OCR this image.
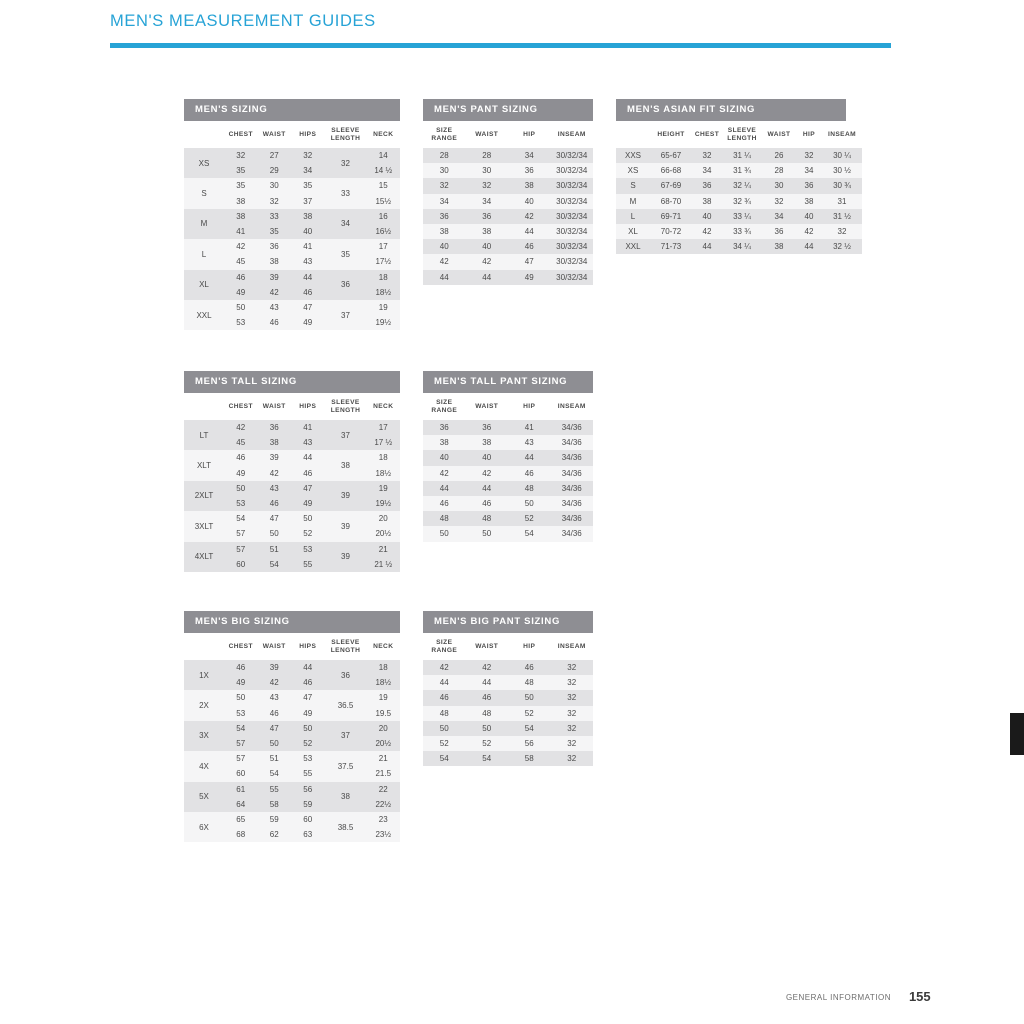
MEN'S MEASUREMENT GUIDES
MEN'S SIZING
	CHEST	WAIST	HIPS	SLEEVE LENGTH	NECK
XS	32	27	32	32	14
	35	29	34		14 ½
S	35	30	35	33	15
	38	32	37		15½
M	38	33	38	34	16
	41	35	40		16½
L	42	36	41	35	17
	45	38	43		17½
XL	46	39	44	36	18
	49	42	46		18½
XXL	50	43	47	37	19
	53	46	49		19½
MEN'S PANT SIZING
SIZE RANGE	WAIST	HIP	INSEAM
28	28	34	30/32/34
30	30	36	30/32/34
32	32	38	30/32/34
34	34	40	30/32/34
36	36	42	30/32/34
38	38	44	30/32/34
40	40	46	30/32/34
42	42	47	30/32/34
44	44	49	30/32/34
MEN'S ASIAN FIT SIZING
	HEIGHT	CHEST	SLEEVE LENGTH	WAIST	HIP	INSEAM
XXS	65-67	32	31 ¼	26	32	30 ¼
XS	66-68	34	31 ¾	28	34	30 ½
S	67-69	36	32 ¼	30	36	30 ¾
M	68-70	38	32 ¾	32	38	31
L	69-71	40	33 ¼	34	40	31 ½
XL	70-72	42	33 ¾	36	42	32
XXL	71-73	44	34 ¼	38	44	32 ½
MEN'S TALL SIZING
	CHEST	WAIST	HIPS	SLEEVE LENGTH	NECK
LT	42	36	41	37	17
	45	38	43		17 ½
XLT	46	39	44	38	18
	49	42	46		18½
2XLT	50	43	47	39	19
	53	46	49		19½
3XLT	54	47	50	39	20
	57	50	52		20½
4XLT	57	51	53	39	21
	60	54	55		21 ½
MEN'S TALL PANT SIZING
SIZE RANGE	WAIST	HIP	INSEAM
36	36	41	34/36
38	38	43	34/36
40	40	44	34/36
42	42	46	34/36
44	44	48	34/36
46	46	50	34/36
48	48	52	34/36
50	50	54	34/36
MEN'S BIG SIZING
	CHEST	WAIST	HIPS	SLEEVE LENGTH	NECK
1X	46	39	44	36	18
	49	42	46		18½
2X	50	43	47	36.5	19
	53	46	49		19.5
3X	54	47	50	37	20
	57	50	52		20½
4X	57	51	53	37.5	21
	60	54	55		21.5
5X	61	55	56	38	22
	64	58	59		22½
6X	65	59	60	38.5	23
	68	62	63		23½
MEN'S BIG PANT SIZING
SIZE RANGE	WAIST	HIP	INSEAM
42	42	46	32
44	44	48	32
46	46	50	32
48	48	52	32
50	50	54	32
52	52	56	32
54	54	58	32
GENERAL INFORMATION 155
